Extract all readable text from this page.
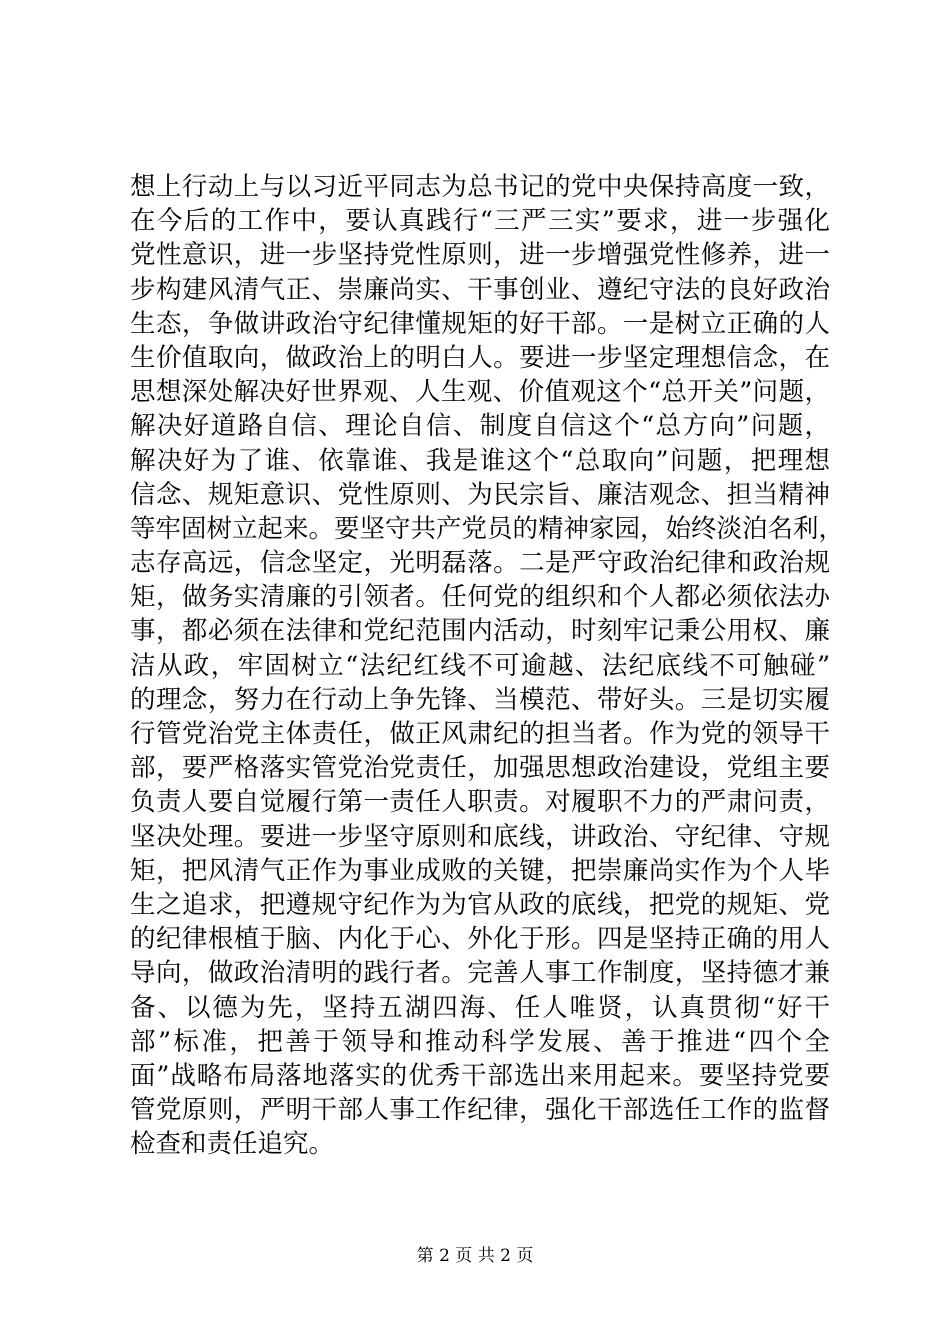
想上行动上与以习近平同志为总书记的党中央保持高度一致，
在今后的工作中，要认真践行“三严三实”要求，进一步强化
党性意识，进一步坚持党性原则，进一步增强党性修养，进一
步构建风清气正、崇廉尚实、干事创业、遵纪守法的良好政治
生态，争做讲政治守纪律懂规矩的好干部。一是树立正确的人
生价值取向，做政治上的明白人。要进一步坚定理想信念，在
思想深处解决好世界观、人生观、价值观这个“总开关”问题，
解决好道路自信、理论自信、制度自信这个“总方向”问题，
解决好为了谁、依靠谁、我是谁这个“总取向”问题，把理想
信念、规矩意识、党性原则、为民宗旨、廉洁观念、担当精神
等牢固树立起来。要坚守共产党员的精神家园，始终淡泊名利，
志存高远，信念坚定，光明磊落。二是严守政治纪律和政治规
矩，做务实清廉的引领者。任何党的组织和个人都必须依法办
事，都必须在法律和党纪范围内活动，时刻牢记秉公用权、廉
洁从政，牢固树立“法纪红线不可逾越、法纪底线不可触碰”
的理念，努力在行动上争先锋、当模范、带好头。三是切实履
行管党治党主体责任，做正风肃纪的担当者。作为党的领导干
部，要严格落实管党治党责任，加强思想政治建设，党组主要
负责人要自觉履行第一责任人职责。对履职不力的严肃问责，
坚决处理。要进一步坚守原则和底线，讲政治、守纪律、守规
矩，把风清气正作为事业成败的关键，把崇廉尚实作为个人毕
生之追求，把遵规守纪作为为官从政的底线，把党的规矩、党
的纪律根植于脑、内化于心、外化于形。四是坚持正确的用人
导向，做政治清明的践行者。完善人事工作制度，坚持德才兼
备、以德为先，坚持五湖四海、任人唯贤，认真贯彻“好干
部”标准，把善于领导和推动科学发展、善于推进“四个全
面”战略布局落地落实的优秀干部选出来用起来。要坚持党要
管党原则，严明干部人事工作纪律，强化干部选任工作的监督
检查和责任追究。
第 2 页 共 2 页
